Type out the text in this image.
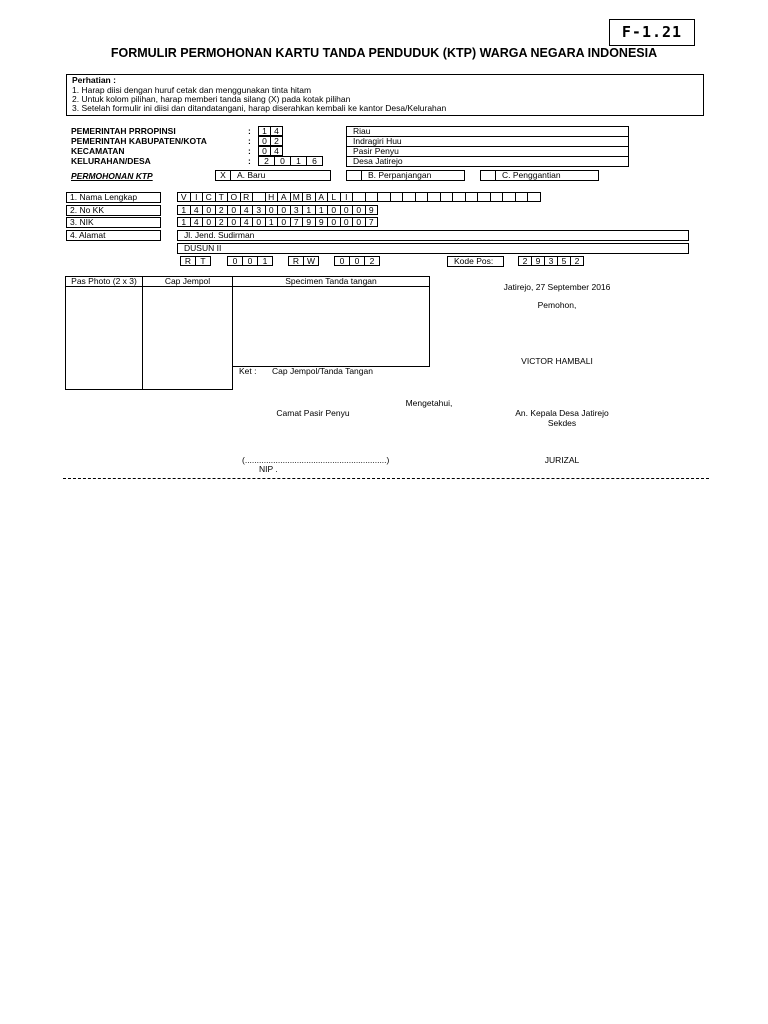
F-1.21
FORMULIR PERMOHONAN KARTU TANDA PENDUDUK (KTP) WARGA NEGARA INDONESIA
Perhatian :
1. Harap diisi dengan huruf cetak dan menggunakan tinta hitam
2. Untuk kolom pilihan, harap memberi tanda silang (X) pada kotak pilihan
3. Setelah formulir ini diisi dan ditandatangani, harap diserahkan kembali ke kantor Desa/Kelurahan
PEMERINTAH PRROPINSI	:	1 4	Riau
PEMERINTAH KABUPATEN/KOTA	:	0 2	Indragiri Huu
KECAMATAN	:	0 4	Pasir Penyu
KELURAHAN/DESA	:	2	0	1	6	Desa Jatirejo
PERMOHONAN KTP	X	A. Baru	B. Perpanjangan	C. Penggantian
1. Nama Lengkap	V I C T O R	H A M B A L	I
2. No KK	1 4 0 2 0 4 3 0 0 3 1 1 0 0 0 9
3. NIK	1 4 0 2 0 4 0 1 0 7 9 9 0 0 0 7
4. Alamat	Jl. Jend. Sudirman
DUSUN II
R	T	0	0	1	R W	0	0	2	Kode Pos:	2 9 3 5 2
Pas Photo (2 x 3)	Cap Jempol	Specimen Tanda tangan
Ket : Cap Jempol/Tanda Tangan
Jatirejo, 27 September 2016
Pemohon,
VICTOR HAMBALI
Mengetahui,
Camat Pasir Penyu	An. Kepala Desa Jatirejo
Sekdes
(............................................................)
NIP .
JURIZAL
